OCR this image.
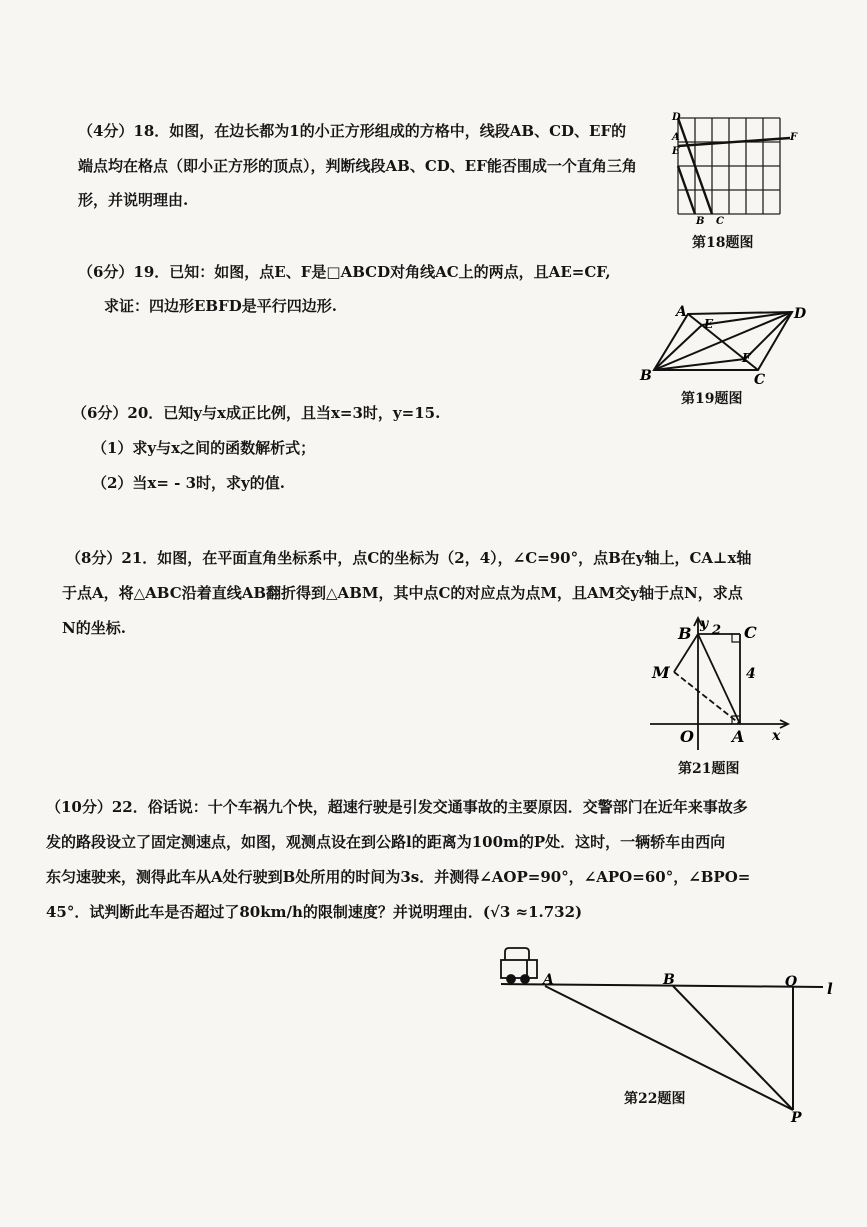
（4分）18．如图，在边长都为1的小正方形组成的方格中，线段AB、CD、EF的
端点均在格点（即小正方形的顶点），判断线段AB、CD、EF能否围成一个直角三角
形，并说明理由.
D
A
E
F
B C
第18题图
（6分）19．已知：如图，点E、F是□ABCD对角线AC上的两点，且AE=CF,
求证：四边形EBFD是平行四边形.	A	D
B	C
E
F
第19题图
（6分）20．已知y与x成正比例，且当x=3时，y=15.
（1）求y与x之间的函数解析式；
（2）当x= - 3时，求y的值.
（8分）21．如图，在平面直角坐标系中，点C的坐标为（2，4），∠C=90°，点B在y轴上，CA⊥x轴
于点A，将△ABC沿着直线AB翻折得到△ABM，其中点C的对应点为点M，且AM交y轴于点N，求点
N的坐标.	B y 2 C
M	4
O A x
第21题图
（10分）22．俗话说：十个车祸九个快，超速行驶是引发交通事故的主要原因．交警部门在近年来事故多
发的路段设立了固定测速点，如图，观测点设在到公路l的距离为100m的P处．这时，一辆轿车由西向
东匀速驶来，测得此车从A处行驶到B处所用的时间为3s．并测得∠AOP=90°，∠APO=60°，∠BPO=
45°．试判断此车是否超过了80km/h的限制速度？并说明理由．(√3 ≈1.732)
A	B	O l
P
第22题图
